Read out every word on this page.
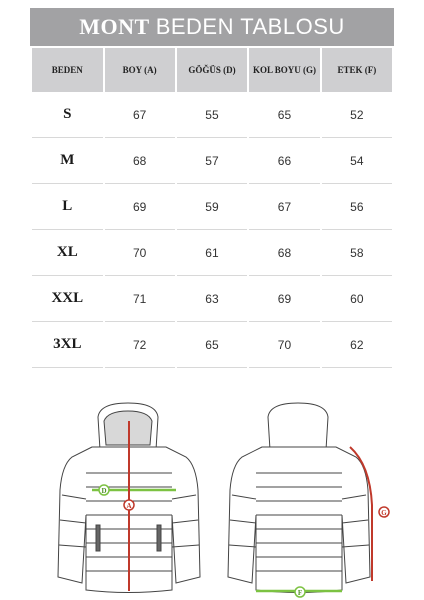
MONT BEDEN TABLOSU
BEDEN	BOY (A)	GÖĞÜS (D)	KOL BOYU (G)	ETEK (F)
S	67	55	65	52
M	68	57	66	54
L	69	59	67	56
XL	70	61	68	58
XXL	71	63	69	60
3XL	72	65	70	62
D
A
G
F
